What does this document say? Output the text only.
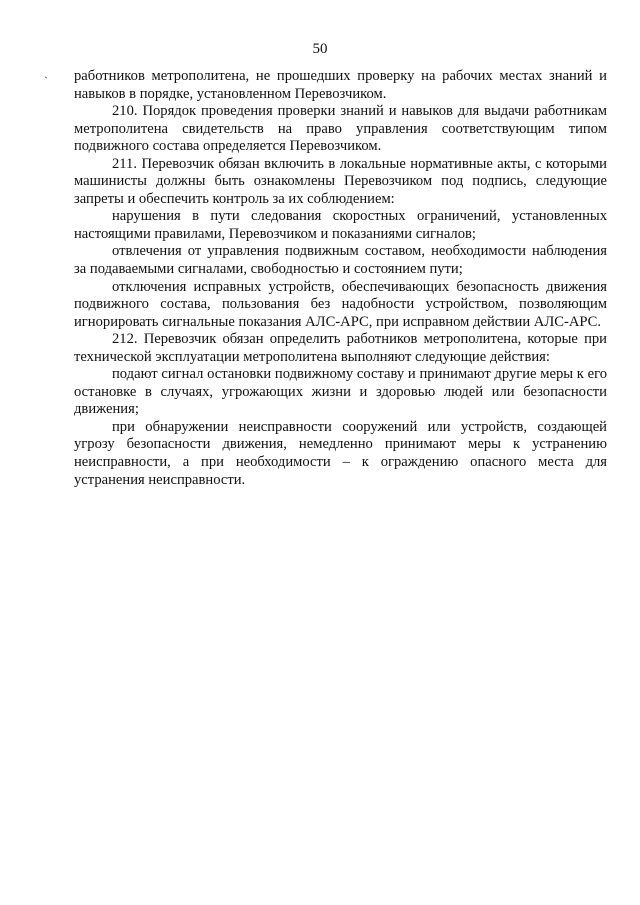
50
` работников метрополитена, не прошедших проверку на рабочих местах знаний и навыков в порядке, установленном Перевозчиком.

210. Порядок проведения проверки знаний и навыков для выдачи работникам метрополитена свидетельств на право управления соответствующим типом подвижного состава определяется Перевозчиком.

211. Перевозчик обязан включить в локальные нормативные акты, с которыми машинисты должны быть ознакомлены Перевозчиком под подпись, следующие запреты и обеспечить контроль за их соблюдением:

нарушения в пути следования скоростных ограничений, установленных настоящими правилами, Перевозчиком и показаниями сигналов;

отвлечения от управления подвижным составом, необходимости наблюдения за подаваемыми сигналами, свободностью и состоянием пути;

отключения исправных устройств, обеспечивающих безопасность движения подвижного состава, пользования без надобности устройством, позволяющим игнорировать сигнальные показания АЛС-АРС, при исправном действии АЛС-АРС.

212. Перевозчик обязан определить работников метрополитена, которые при технической эксплуатации метрополитена выполняют следующие действия:

подают сигнал остановки подвижному составу и принимают другие меры к его остановке в случаях, угрожающих жизни и здоровью людей или безопасности движения;

при обнаружении неисправности сооружений или устройств, создающей угрозу безопасности движения, немедленно принимают меры к устранению неисправности, а при необходимости – к ограждению опасного места для устранения неисправности.
